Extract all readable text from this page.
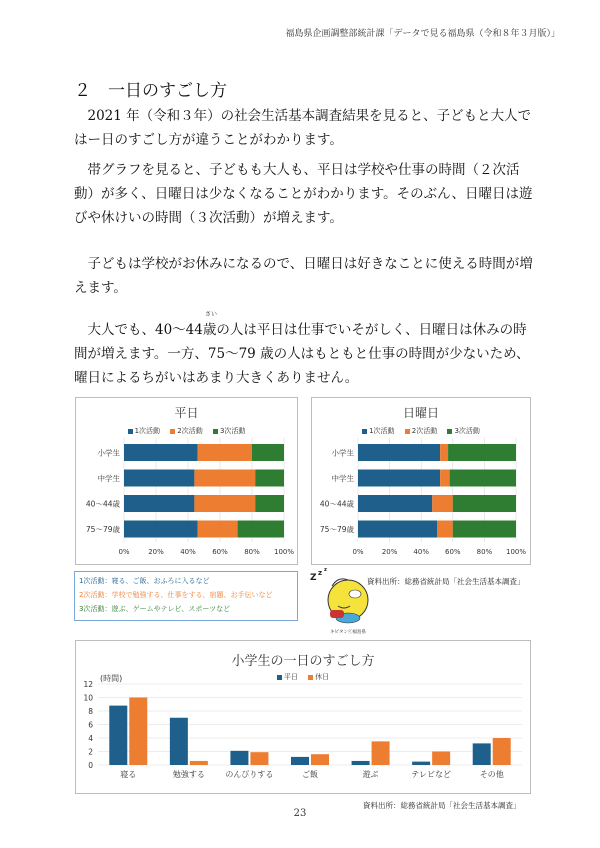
福島県企画調整部統計課「データで見る福島県（令和８年３月版）」
２　一日のすごし方
　2021 年（令和３年）の社会生活基本調査結果を見ると、子どもと大人ではー日のすごし方が違うことがわかります。
　帯グラフを見ると、子どもも大人も、平日は学校や仕事の時間（２次活動）が多く、日曜日は少なくなることがわかります。そのぶん、日曜日は遊びや休けいの時間（３次活動）が増えます。
　子どもは学校がお休みになるので、日曜日は好きなことに使える時間が増えます。
さい
　大人でも、40〜44歳の人は平日は仕事でいそがしく、日曜日は休みの時間が増えます。一方、75〜79 歳の人はもともと仕事の時間が少ないため、曜日によるちがいはあまり大きくありません。
平日
1次活動 2次活動 3次活動
0%	20% 40% 60% 80% 100%
小学生
中学生
40〜44歳
75〜79歳
日曜日
1次活動 2次活動 3次活動
0%	20% 40% 60% 80% 100%
小学生
中学生
40〜44歳
75〜79歳
1次活動：寝る、ご飯、おふろに入るなど
2次活動：学校で勉強する、仕事をする、宿題、お手伝いなど
3次活動：遊ぶ、ゲームやテレビ、スポーツなど
Z z z
キビタンⓒ福島県
資料出所：総務省統計局「社会生活基本調査」
小学生の一日のすごし方
平日 休日
(時間)
0
2
4
6
8
10
12
寝る	勉強する	のんびりする	ご飯	遊ぶ	テレビなど	その他
資料出所：総務省統計局「社会生活基本調査」
23
